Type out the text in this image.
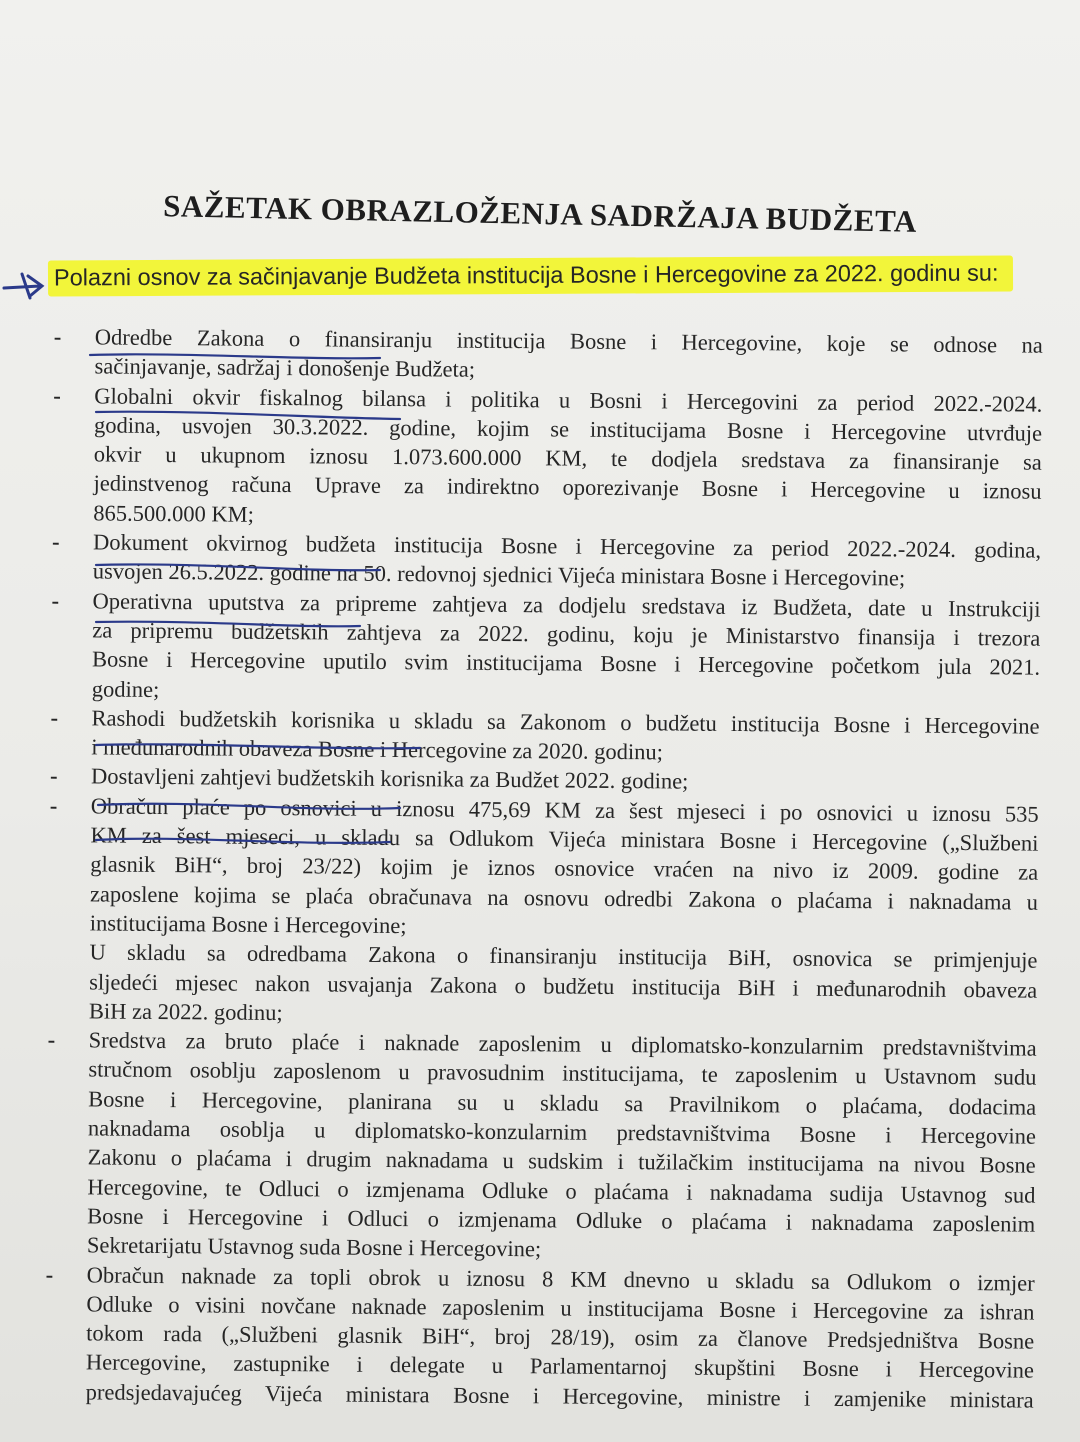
SAŽETAK OBRAZLOŽENJA SADRŽAJA BUDŽETA
Polazni osnov za sačinjavanje Budžeta institucija Bosne i Hercegovine za 2022. godinu su:
-	Odredbe Zakona o finansiranju institucija Bosne i Hercegovine, koje se odnose na
sačinjavanje, sadržaj i donošenje Budžeta;
-	Globalni okvir fiskalnog bilansa i politika u Bosni i Hercegovini za period 2022.-2024.
godina, usvojen 30.3.2022. godine, kojim se institucijama Bosne i Hercegovine utvrđuje
okvir u ukupnom iznosu 1.073.600.000 KM, te dodjela sredstava za finansiranje sa
jedinstvenog računa Uprave za indirektno oporezivanje Bosne i Hercegovine u iznosu
865.500.000 KM;
-	Dokument okvirnog budžeta institucija Bosne i Hercegovine za period 2022.-2024. godina,
usvojen 26.5.2022. godine na 50. redovnoj sjednici Vijeća ministara Bosne i Hercegovine;
-	Operativna uputstva za pripreme zahtjeva za dodjelu sredstava iz Budžeta, date u Instrukciji
za pripremu budžetskih zahtjeva za 2022. godinu, koju je Ministarstvo finansija i trezora
Bosne i Hercegovine uputilo svim institucijama Bosne i Hercegovine početkom jula 2021.
godine;
-	Rashodi budžetskih korisnika u skladu sa Zakonom o budžetu institucija Bosne i Hercegovine
i međunarodnih obaveza Bosne i Hercegovine za 2020. godinu;
-	Dostavljeni zahtjevi budžetskih korisnika za Budžet 2022. godine;
-	Obračun plaće po osnovici u iznosu 475,69 KM za šest mjeseci i po osnovici u iznosu 535
KM za šest mjeseci, u skladu sa Odlukom Vijeća ministara Bosne i Hercegovine („Službeni
glasnik BiH“, broj 23/22) kojim je iznos osnovice vraćen na nivo iz 2009. godine za
zaposlene kojima se plaća obračunava na osnovu odredbi Zakona o plaćama i naknadama u
institucijama Bosne i Hercegovine;
U skladu sa odredbama Zakona o finansiranju institucija BiH, osnovica se primjenjuje
sljedeći mjesec nakon usvajanja Zakona o budžetu institucija BiH i međunarodnih obaveza
BiH za 2022. godinu;
-	Sredstva za bruto plaće i naknade zaposlenim u diplomatsko-konzularnim predstavništvima
stručnom osoblju zaposlenom u pravosudnim institucijama, te zaposlenim u Ustavnom sudu
Bosne i Hercegovine, planirana su u skladu sa Pravilnikom o plaćama, dodacima
naknadama osoblja u diplomatsko-konzularnim predstavništvima Bosne i Hercegovine
Zakonu o plaćama i drugim naknadama u sudskim i tužilačkim institucijama na nivou Bosne
Hercegovine, te Odluci o izmjenama Odluke o plaćama i naknadama sudija Ustavnog sud
Bosne i Hercegovine i Odluci o izmjenama Odluke o plaćama i naknadama zaposlenim
Sekretarijatu Ustavnog suda Bosne i Hercegovine;
-	Obračun naknade za topli obrok u iznosu 8 KM dnevno u skladu sa Odlukom o izmjer
Odluke o visini novčane naknade zaposlenim u institucijama Bosne i Hercegovine za ishran
tokom rada („Službeni glasnik BiH“, broj 28/19), osim za članove Predsjedništva Bosne
Hercegovine, zastupnike i delegate u Parlamentarnoj skupštini Bosne i Hercegovine
predsjedavajućeg Vijeća ministara Bosne i Hercegovine, ministre i zamjenike ministara
